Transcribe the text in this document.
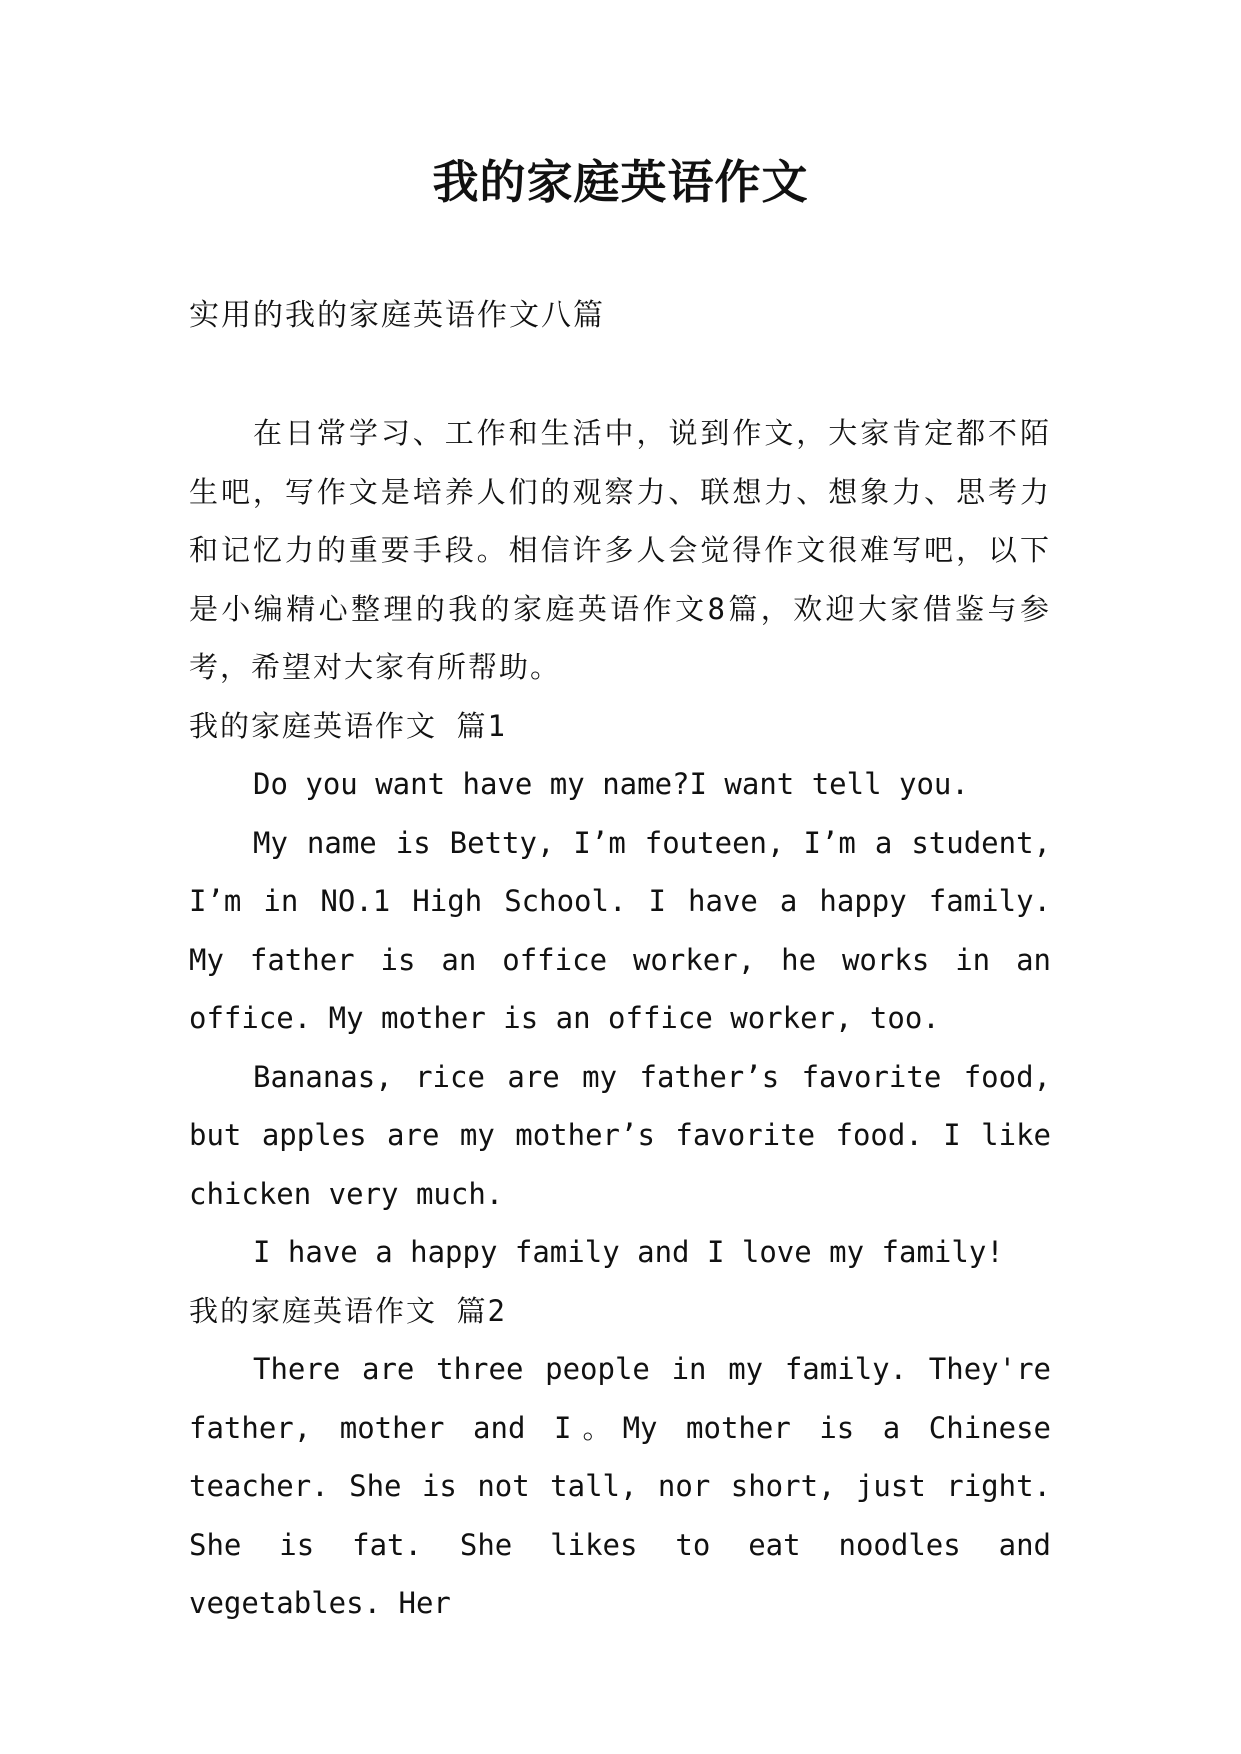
我的家庭英语作文

实用的我的家庭英语作文八篇

在日常学习、工作和生活中，说到作文，大家肯定都不陌生吧，写作文是培养人们的观察力、联想力、想象力、思考力和记忆力的重要手段。相信许多人会觉得作文很难写吧，以下是小编精心整理的我的家庭英语作文8篇，欢迎大家借鉴与参考，希望对大家有所帮助。

我的家庭英语作文 篇1

Do you want have my name?I want tell you.

My name is Betty, I’m fouteen, I’m a student, I’m in NO.1 High School. I have a happy family. My father is an office worker, he works in an office. My mother is an office worker, too.

Bananas, rice are my father’s favorite food, but apples are my mother’s favorite food. I like chicken very much.

I have a happy family and I love my family!

我的家庭英语作文 篇2

There are three people in my family. They're father, mother and I。My mother is a Chinese teacher. She is not tall, nor short, just right. She is fat. She likes to eat noodles and vegetables. Her
